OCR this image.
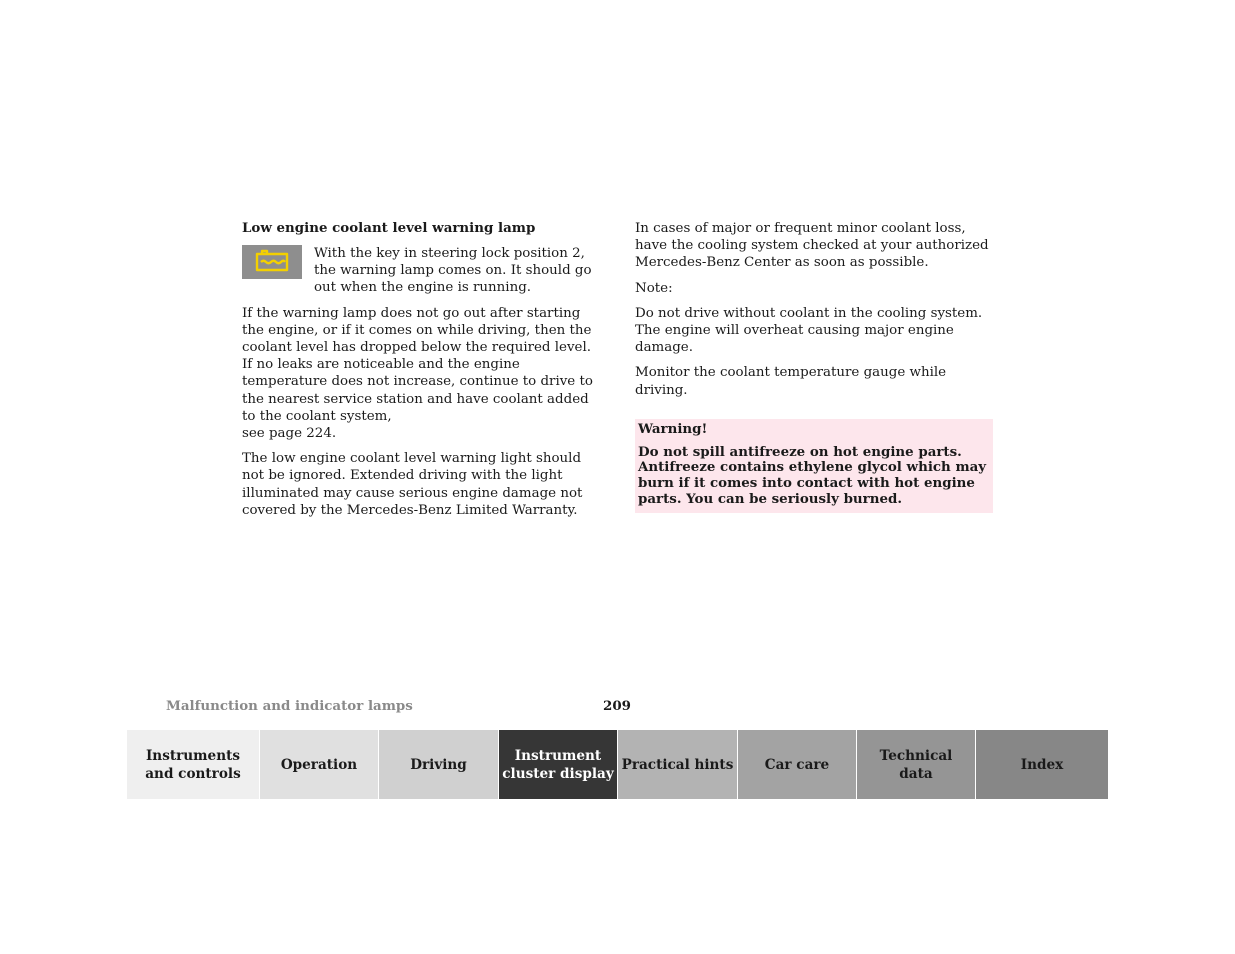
Low engine coolant level warning lamp
With the key in steering lock position 2, the warning lamp comes on. It should go out when the engine is running.

If the warning lamp does not go out after starting the engine, or if it comes on while driving, then the coolant level has dropped below the required level. If no leaks are noticeable and the engine temperature does not increase, continue to drive to the nearest service station and have coolant added to the coolant system,
see page 224.

The low engine coolant level warning light should not be ignored. Extended driving with the light illuminated may cause serious engine damage not covered by the Mercedes-Benz Limited Warranty.

In cases of major or frequent minor coolant loss, have the cooling system checked at your authorized Mercedes-Benz Center as soon as possible.

Note:

Do not drive without coolant in the cooling system. The engine will overheat causing major engine damage.

Monitor the coolant temperature gauge while driving.

Warning!
Do not spill antifreeze on hot engine parts. Antifreeze contains ethylene glycol which may burn if it comes into contact with hot engine parts. You can be seriously burned.
Malfunction and indicator lamps	209
Instruments
and controls
Operation	Driving
Instrument
cluster display
Practical hints	Car care
Technical
data
Index
